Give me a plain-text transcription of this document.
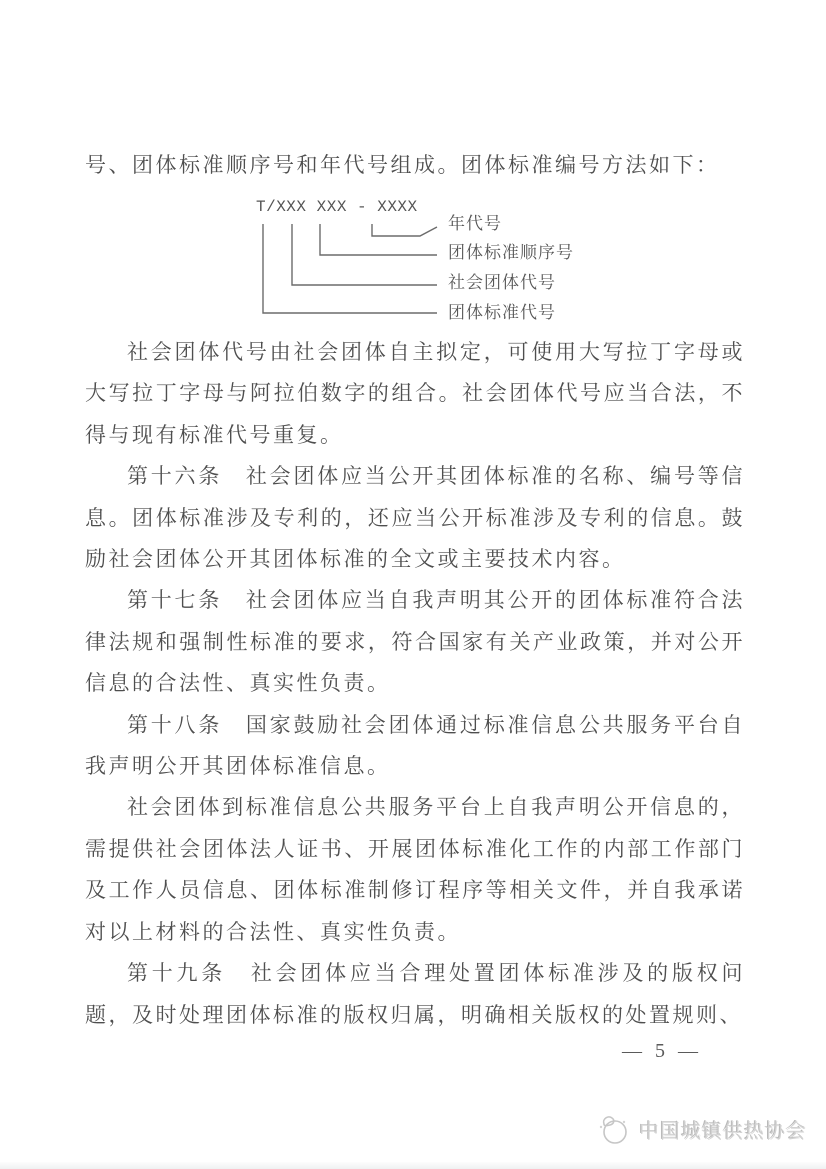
号、团体标准顺序号和年代号组成。团体标准编号方法如下：
T/XXX XXX - XXXX
年代号
团体标准顺序号
社会团体代号
团体标准代号

社会团体代号由社会团体自主拟定，可使用大写拉丁字母或大写拉丁字母与阿拉伯数字的组合。社会团体代号应当合法，不得与现有标准代号重复。

第十六条　社会团体应当公开其团体标准的名称、编号等信息。团体标准涉及专利的，还应当公开标准涉及专利的信息。鼓励社会团体公开其团体标准的全文或主要技术内容。

第十七条　社会团体应当自我声明其公开的团体标准符合法律法规和强制性标准的要求，符合国家有关产业政策，并对公开信息的合法性、真实性负责。

第十八条　国家鼓励社会团体通过标准信息公共服务平台自我声明公开其团体标准信息。

社会团体到标准信息公共服务平台上自我声明公开信息的，需提供社会团体法人证书、开展团体标准化工作的内部工作部门及工作人员信息、团体标准制修订程序等相关文件，并自我承诺对以上材料的合法性、真实性负责。

第十九条　社会团体应当合理处置团体标准涉及的版权问题，及时处理团体标准的版权归属，明确相关版权的处置规则、

— 5 —
中国城镇供热协会
